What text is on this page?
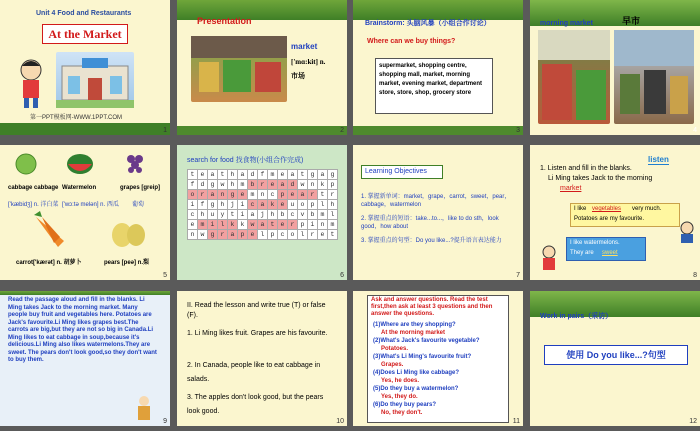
Unit 4 Food and Restaurants
At the Market
第一PPT模板网-WWW.1PPT.COM
1
Presentation
market
['mɑ:kit] n.
市场
2
Brainstorm: 头脑风暴（小组合作讨论）
Where can we buy things?
supermarket, shopping centre, shopping mall, market, morning market, evening market, department store, store, shop, grocery store
3
morning market	早市
4
cabbage cabbage Watermelon	grapes [greip]
['kæbidʒ] n. 洋白菜 ['wɔ:tə melən] n. 西瓜 葡萄
carrot['kærət] n. 胡萝卜	pears [peə] n.梨
5
search for food 找食物(小组合作完成)
t	e	a	t	h	a	d	f	m	e	a	t	g	a	g
f	d	g	w	h	m	b	r	e	a	d	w	n	k	p
o	r	a	n	g	e	m	n	c	p	e	a	r	t	r
i	f	g	h	j	i	c	a	k	e	u	o	p	l	h
c	h	u	y	t	i	a	j	h	b	c	v	b	m	l
e	m	i	l	k	k	w	a	t	e	r	p	i	n	m
n	w	g	r	a	p	e	l	p	c	o	l	r	e	t
6
Learning Objectives
1. 掌握新单词：market，grape，carrot，sweet，pear，cabbage，watermelon
2. 掌握重点的短语：take...to...，like to do sth，look good，how about
3. 掌握重点的句型：Do you like...?提升语言表达能力
7
listen
1. Listen and fill in the blanks.
Li Ming takes Jack to the morning
market
I like vegetables very much.
Potatoes are my favourite.
I like watermelons.
They are sweet
8
Read the passage aloud and fill in the blanks. Li Ming takes Jack to the morning market. Many people buy fruit and vegetables here. Potatoes are Jack's favourite.Li Ming likes grapes best.The carrots are big,but they are not so big in Canada.Li Ming likes to eat cabbage in soup,because it's delicious.Li Ming also likes watermelons.They are sweet. The pears don't look good,so they don't want to buy them.
9
II. Read the lesson and write true (T) or false (F).
1. Li Ming likes fruit. Grapes are his favourite.
2. In Canada, people like to eat cabbage in salads.
3. The apples don't look good, but the pears look good.
10
Ask and answer questions. Read the test first,then ask at least 3 questions and then answer the questions.
(1)Where are they shopping?
At the morning market
(2)What's Jack's favourite vegetable?
Potatoes.
(3)What's Li Ming's favourite fruit?
Grapes.
(4)Does Li Ming like cabbage?
Yes, he does.
(5)Do they buy a watermelon?
Yes, they do.
(6)Do they buy pears?
No, they don't.
11
Work in pairs（采访）
使用 Do you like...?句型
12
